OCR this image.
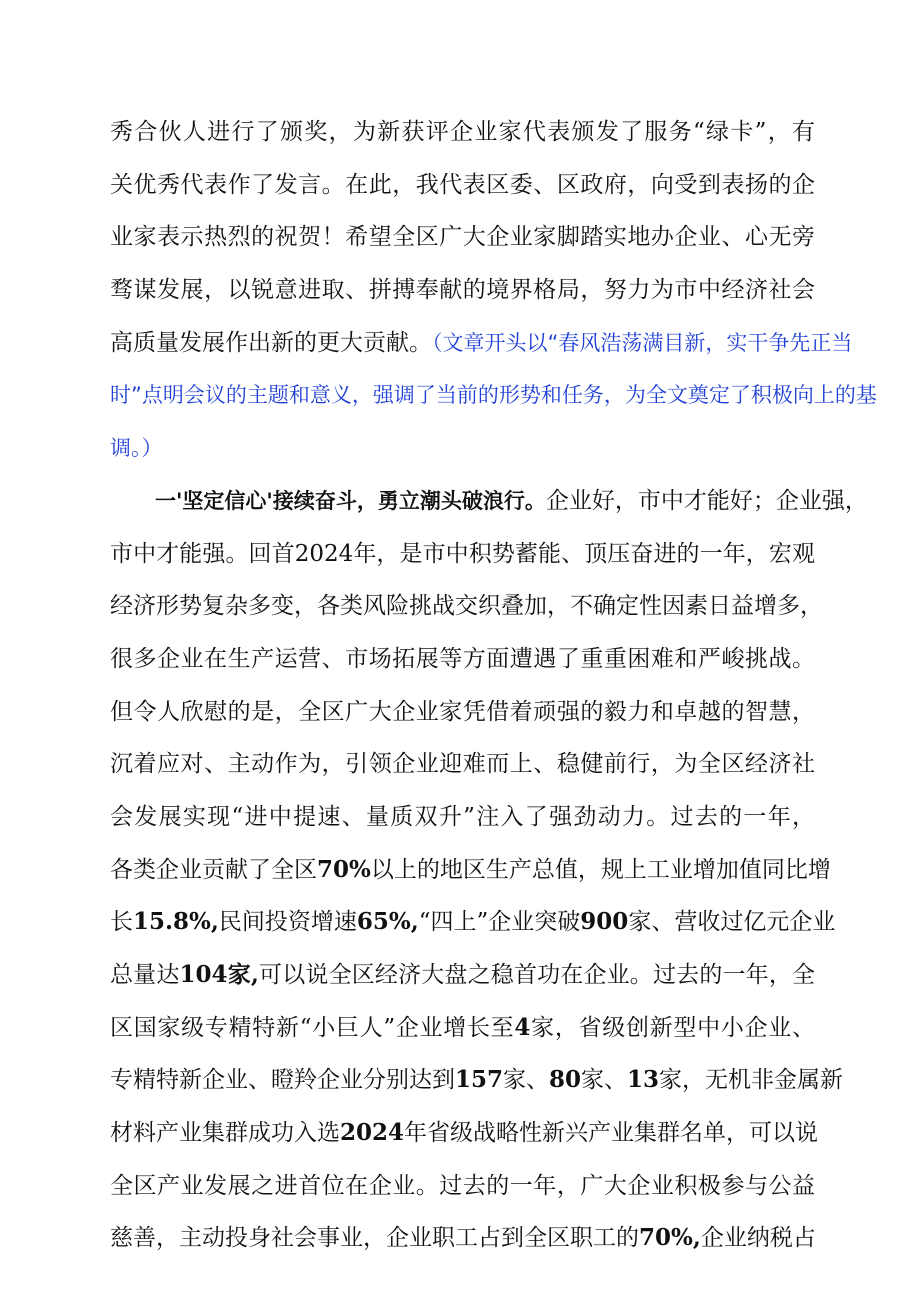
秀合伙人进行了颁奖，为新获评企业家代表颁发了服务“绿卡”，有
关优秀代表作了发言。在此，我代表区委、区政府，向受到表扬的企
业家表示热烈的祝贺！希望全区广大企业家脚踏实地办企业、心无旁
骛谋发展，以锐意进取、拼搏奉献的境界格局，努力为市中经济社会
高质量发展作出新的更大贡献。（文章开头以“春风浩荡满目新，实干争先正当
时”点明会议的主题和意义，强调了当前的形势和任务，为全文奠定了积极向上的基
调。）
一'坚定信心'接续奋斗，勇立潮头破浪行。企业好，市中才能好；企业强，
市中才能强。回首2024年，是市中积势蓄能、顶压奋进的一年，宏观
经济形势复杂多变，各类风险挑战交织叠加，不确定性因素日益增多，
很多企业在生产运营、市场拓展等方面遭遇了重重困难和严峻挑战。
但令人欣慰的是，全区广大企业家凭借着顽强的毅力和卓越的智慧，
沉着应对、主动作为，引领企业迎难而上、稳健前行，为全区经济社
会发展实现“进中提速、量质双升”注入了强劲动力。过去的一年，
各类企业贡献了全区70%以上的地区生产总值，规上工业增加值同比增
长15.8%,民间投资增速65%,“四上”企业突破900家、营收过亿元企业
总量达104家,可以说全区经济大盘之稳首功在企业。过去的一年，全
区国家级专精特新“小巨人”企业增长至4家，省级创新型中小企业、
专精特新企业、瞪羚企业分别达到157家、80家、13家，无机非金属新
材料产业集群成功入选2024年省级战略性新兴产业集群名单，可以说
全区产业发展之进首位在企业。过去的一年，广大企业积极参与公益
慈善，主动投身社会事业，企业职工占到全区职工的70%,企业纳税占
